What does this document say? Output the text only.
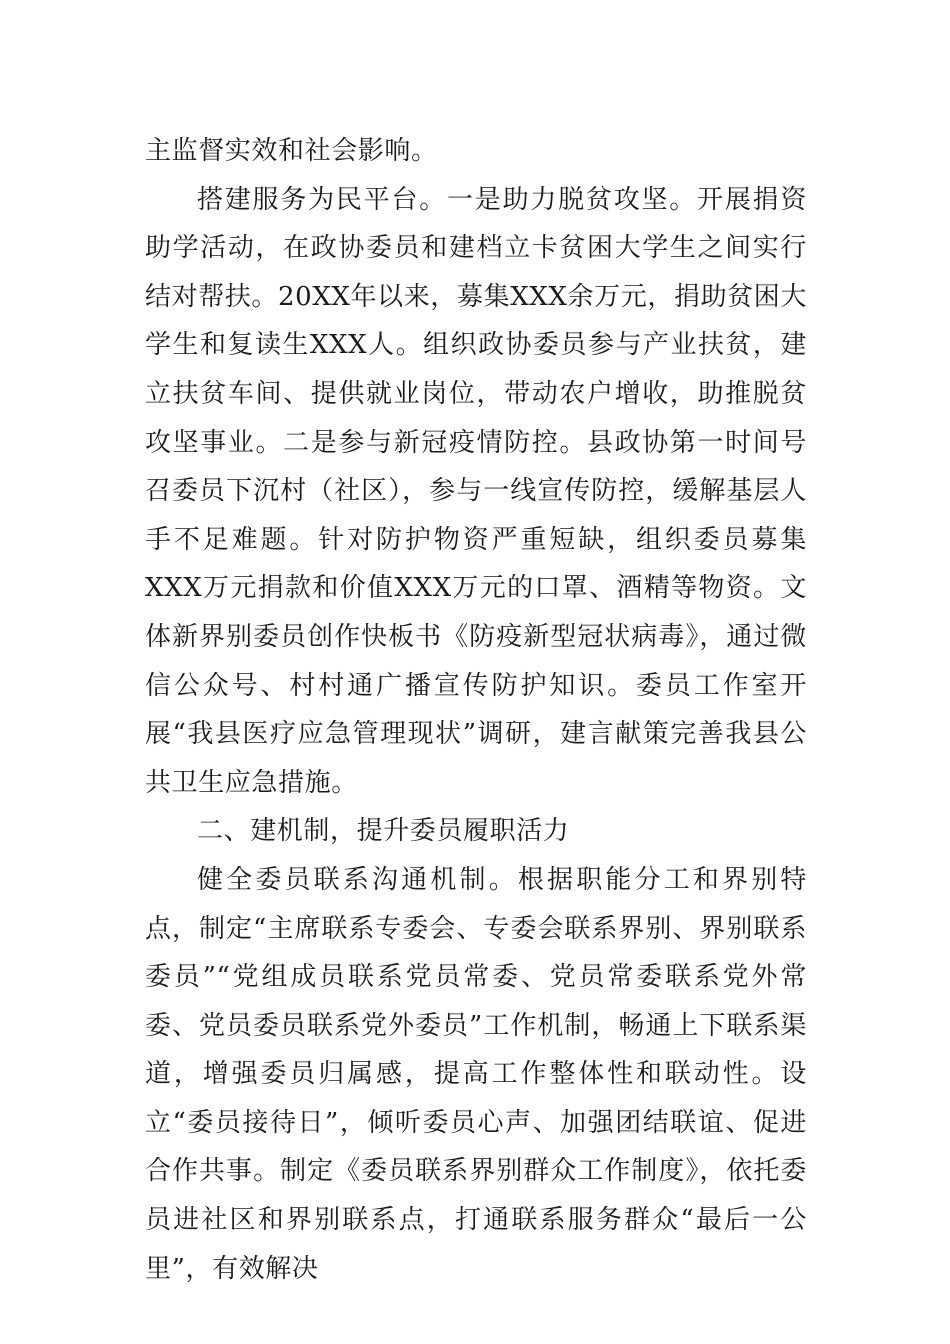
主监督实效和社会影响。

搭建服务为民平台。一是助力脱贫攻坚。开展捐资助学活动，在政协委员和建档立卡贫困大学生之间实行结对帮扶。20XX年以来，募集XXX余万元，捐助贫困大学生和复读生XXX人。组织政协委员参与产业扶贫，建立扶贫车间、提供就业岗位，带动农户增收，助推脱贫攻坚事业。二是参与新冠疫情防控。县政协第一时间号召委员下沉村（社区），参与一线宣传防控，缓解基层人手不足难题。针对防护物资严重短缺，组织委员募集XXX万元捐款和价值XXX万元的口罩、酒精等物资。文体新界别委员创作快板书《防疫新型冠状病毒》，通过微信公众号、村村通广播宣传防护知识。委员工作室开展“我县医疗应急管理现状”调研，建言献策完善我县公共卫生应急措施。

二、建机制，提升委员履职活力

健全委员联系沟通机制。根据职能分工和界别特点，制定“主席联系专委会、专委会联系界别、界别联系委员”“党组成员联系党员常委、党员常委联系党外常委、党员委员联系党外委员”工作机制，畅通上下联系渠道，增强委员归属感，提高工作整体性和联动性。设立“委员接待日”，倾听委员心声、加强团结联谊、促进合作共事。制定《委员联系界别群众工作制度》，依托委员进社区和界别联系点，打通联系服务群众“最后一公里”，有效解决
